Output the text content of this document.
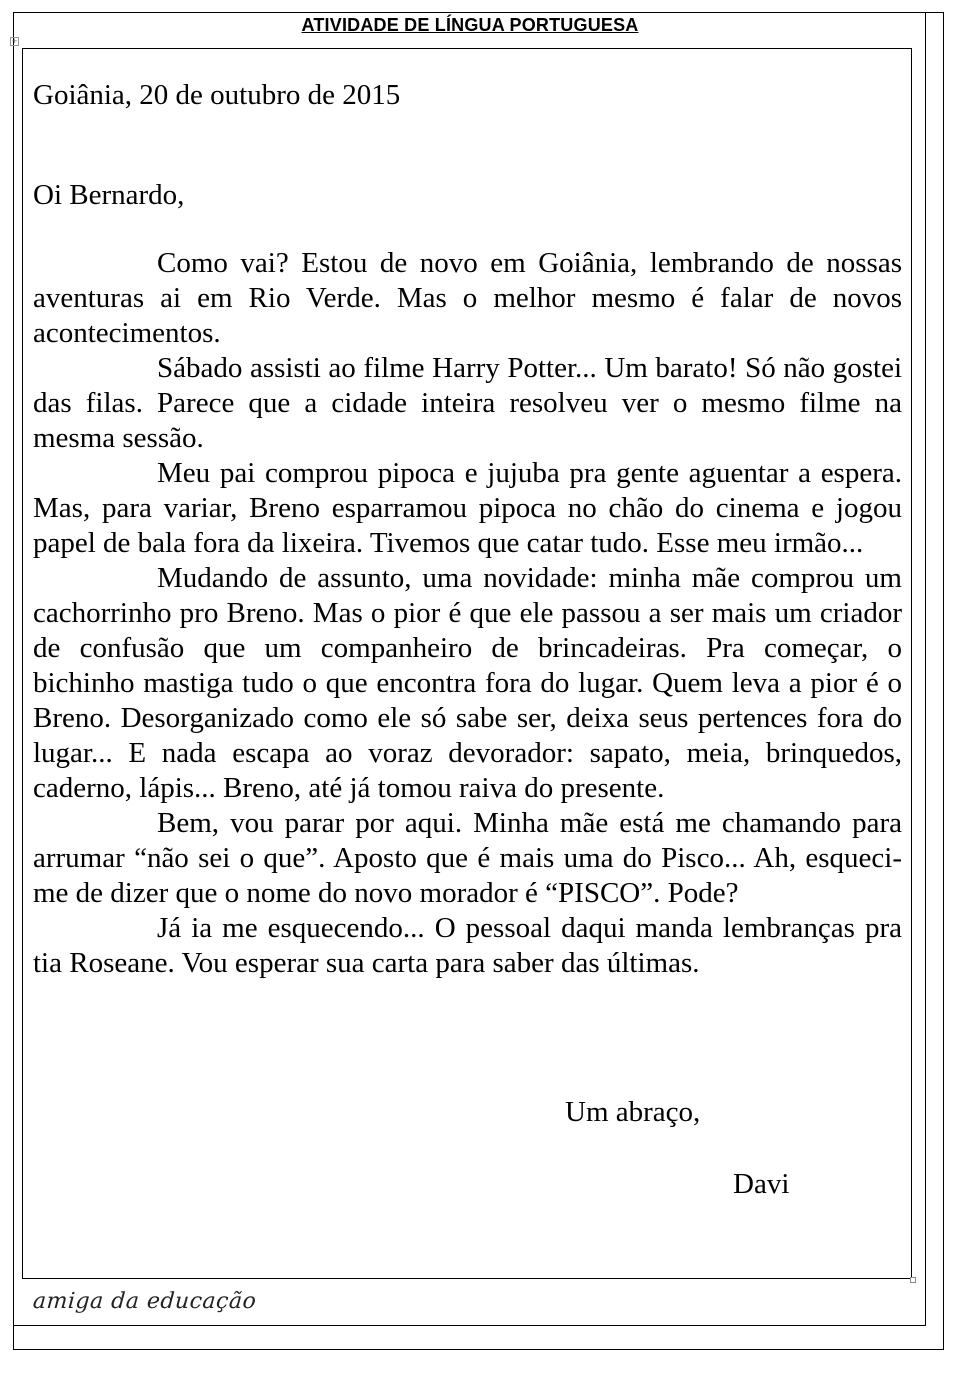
ATIVIDADE DE LÍNGUA PORTUGUESA
+

Goiânia, 20 de outubro de 2015

Oi Bernardo,

Como vai? Estou de novo em Goiânia, lembrando de nossas aventuras ai em Rio Verde. Mas o melhor mesmo é falar de novos acontecimentos.

Sábado assisti ao filme Harry Potter... Um barato! Só não gostei das filas. Parece que a cidade inteira resolveu ver o mesmo filme na mesma sessão.

Meu pai comprou pipoca e jujuba pra gente aguentar a espera. Mas, para variar, Breno esparramou pipoca no chão do cinema e jogou papel de bala fora da lixeira. Tivemos que catar tudo. Esse meu irmão...

Mudando de assunto, uma novidade: minha mãe comprou um cachorrinho pro Breno. Mas o pior é que ele passou a ser mais um criador de confusão que um companheiro de brincadeiras. Pra começar, o bichinho mastiga tudo o que encontra fora do lugar. Quem leva a pior é o Breno. Desorganizado como ele só sabe ser, deixa seus pertences fora do lugar... E nada escapa ao voraz devorador: sapato, meia, brinquedos, caderno, lápis... Breno, até já tomou raiva do presente.

Bem, vou parar por aqui. Minha mãe está me chamando para arrumar “não sei o que”. Aposto que é mais uma do Pisco... Ah, esqueci-me de dizer que o nome do novo morador é “PISCO”. Pode?

Já ia me esquecendo... O pessoal daqui manda lembranças pra tia Roseane. Vou esperar sua carta para saber das últimas.

Um abraço,
Davi
amiga da educação
